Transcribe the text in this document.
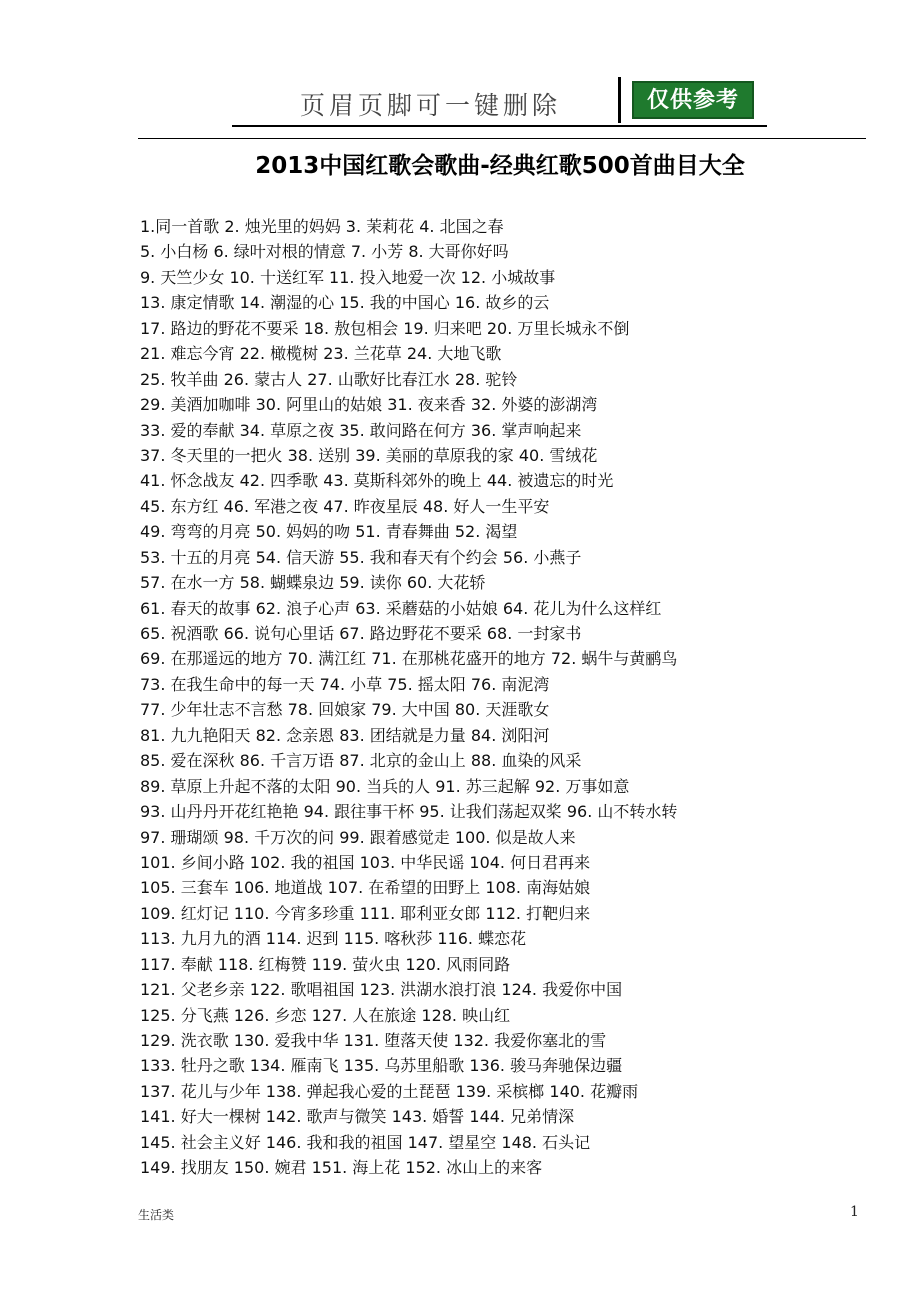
页眉页脚可一键删除	仅供参考
2013中国红歌会歌曲-经典红歌500首曲目大全
1.同一首歌 2. 烛光里的妈妈 3. 茉莉花 4. 北国之春
5. 小白杨 6. 绿叶对根的情意 7. 小芳 8. 大哥你好吗
9. 天竺少女 10. 十送红军 11. 投入地爱一次 12. 小城故事
13. 康定情歌 14. 潮湿的心 15. 我的中国心 16. 故乡的云
17. 路边的野花不要采 18. 敖包相会 19. 归来吧 20. 万里长城永不倒
21. 难忘今宵 22. 橄榄树 23. 兰花草 24. 大地飞歌
25. 牧羊曲 26. 蒙古人 27. 山歌好比春江水 28. 驼铃
29. 美酒加咖啡 30. 阿里山的姑娘 31. 夜来香 32. 外婆的澎湖湾
33. 爱的奉献 34. 草原之夜 35. 敢问路在何方 36. 掌声响起来
37. 冬天里的一把火 38. 送别 39. 美丽的草原我的家 40. 雪绒花
41. 怀念战友 42. 四季歌 43. 莫斯科郊外的晚上 44. 被遗忘的时光
45. 东方红 46. 军港之夜 47. 昨夜星辰 48. 好人一生平安
49. 弯弯的月亮 50. 妈妈的吻 51. 青春舞曲 52. 渴望
53. 十五的月亮 54. 信天游 55. 我和春天有个约会 56. 小燕子
57. 在水一方 58. 蝴蝶泉边 59. 读你 60. 大花轿
61. 春天的故事 62. 浪子心声 63. 采蘑菇的小姑娘 64. 花儿为什么这样红
65. 祝酒歌 66. 说句心里话 67. 路边野花不要采 68. 一封家书
69. 在那遥远的地方 70. 满江红 71. 在那桃花盛开的地方 72. 蜗牛与黄鹂鸟
73. 在我生命中的每一天 74. 小草 75. 摇太阳 76. 南泥湾
77. 少年壮志不言愁 78. 回娘家 79. 大中国 80. 天涯歌女
81. 九九艳阳天 82. 念亲恩 83. 团结就是力量 84. 浏阳河
85. 爱在深秋 86. 千言万语 87. 北京的金山上 88. 血染的风采
89. 草原上升起不落的太阳 90. 当兵的人 91. 苏三起解 92. 万事如意
93. 山丹丹开花红艳艳 94. 跟往事干杯 95. 让我们荡起双桨 96. 山不转水转
97. 珊瑚颂 98. 千万次的问 99. 跟着感觉走 100. 似是故人来
101. 乡间小路 102. 我的祖国 103. 中华民谣 104. 何日君再来
105. 三套车 106. 地道战 107. 在希望的田野上 108. 南海姑娘
109. 红灯记 110. 今宵多珍重 111. 耶利亚女郎 112. 打靶归来
113. 九月九的酒 114. 迟到 115. 喀秋莎 116. 蝶恋花
117. 奉献 118. 红梅赞 119. 萤火虫 120. 风雨同路
121. 父老乡亲 122. 歌唱祖国 123. 洪湖水浪打浪 124. 我爱你中国
125. 分飞燕 126. 乡恋 127. 人在旅途 128. 映山红
129. 洗衣歌 130. 爱我中华 131. 堕落天使 132. 我爱你塞北的雪
133. 牡丹之歌 134. 雁南飞 135. 乌苏里船歌 136. 骏马奔驰保边疆
137. 花儿与少年 138. 弹起我心爱的土琵琶 139. 采槟榔 140. 花瓣雨
141. 好大一棵树 142. 歌声与微笑 143. 婚誓 144. 兄弟情深
145. 社会主义好 146. 我和我的祖国 147. 望星空 148. 石头记
149. 找朋友 150. 婉君 151. 海上花 152. 冰山上的来客
生活类	1
